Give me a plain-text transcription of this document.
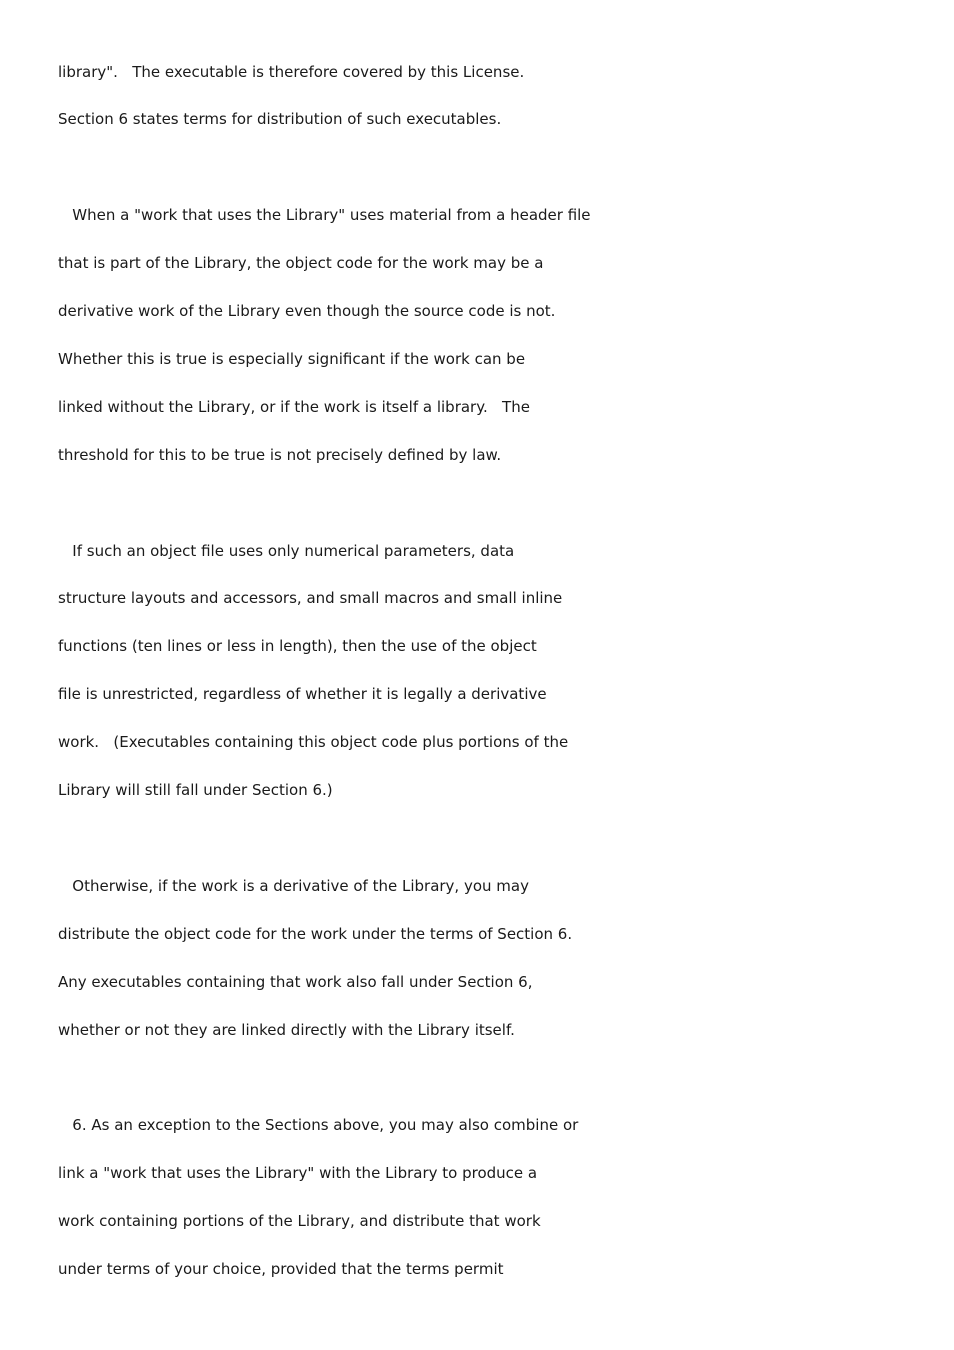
library".   The executable is therefore covered by this License.
Section 6 states terms for distribution of such executables.
When a "work that uses the Library" uses material from a header file
that is part of the Library, the object code for the work may be a
derivative work of the Library even though the source code is not.
Whether this is true is especially significant if the work can be
linked without the Library, or if the work is itself a library.   The
threshold for this to be true is not precisely defined by law.
If such an object file uses only numerical parameters, data
structure layouts and accessors, and small macros and small inline
functions (ten lines or less in length), then the use of the object
file is unrestricted, regardless of whether it is legally a derivative
work.   (Executables containing this object code plus portions of the
Library will still fall under Section 6.)
Otherwise, if the work is a derivative of the Library, you may
distribute the object code for the work under the terms of Section 6.
Any executables containing that work also fall under Section 6,
whether or not they are linked directly with the Library itself.
6. As an exception to the Sections above, you may also combine or
link a "work that uses the Library" with the Library to produce a
work containing portions of the Library, and distribute that work
under terms of your choice, provided that the terms permit
